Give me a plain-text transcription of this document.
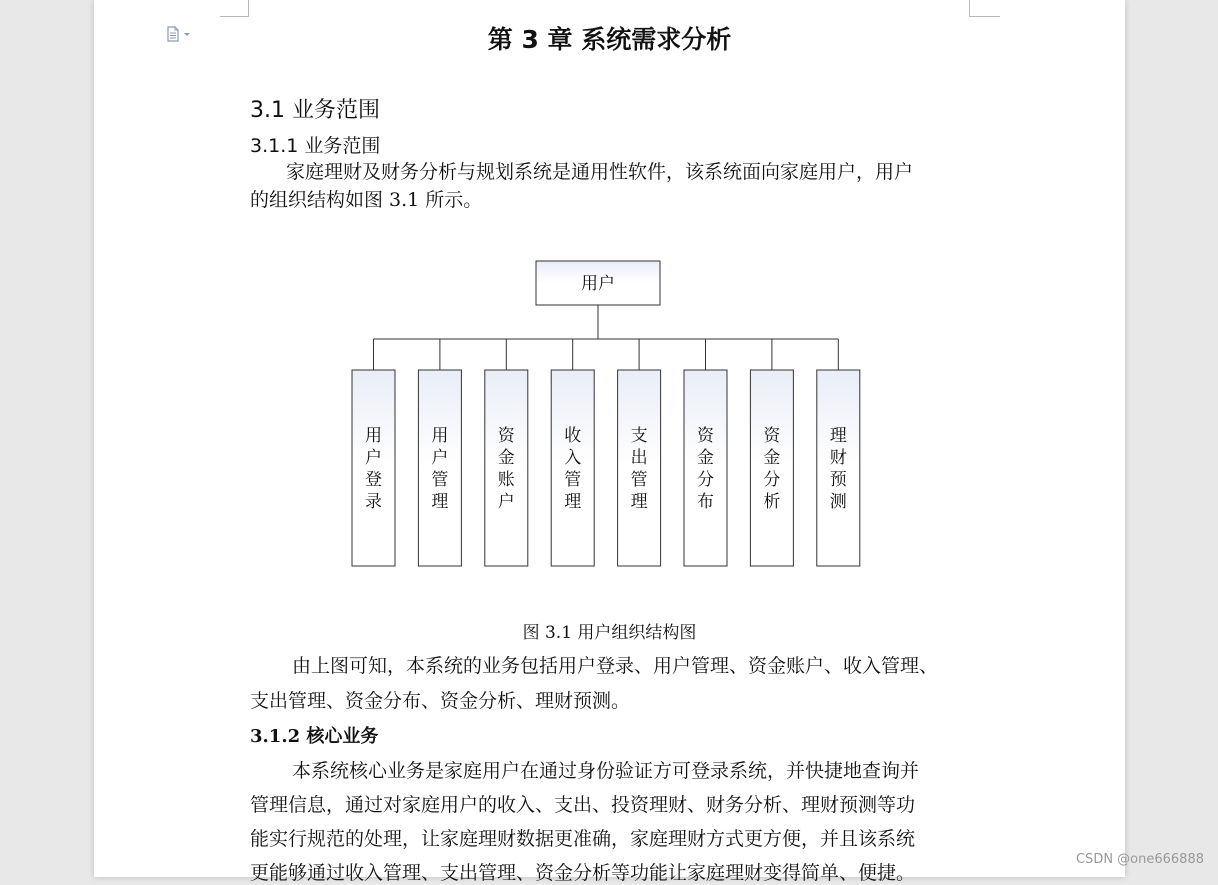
第 3 章 系统需求分析
3.1 业务范围
3.1.1 业务范围
家庭理财及财务分析与规划系统是通用性软件，该系统面向家庭用户，用户
的组织结构如图 3.1 所示。
用户
用
户
登
录
用
户
管
理
资
金
账
户
收
入
管
理
支
出
管
理
资
金
分
布
资
金
分
析
理
财
预
测
图 3.1 用户组织结构图
由上图可知，本系统的业务包括用户登录、用户管理、资金账户、收入管理、
支出管理、资金分布、资金分析、理财预测。
3.1.2 核心业务
本系统核心业务是家庭用户在通过身份验证方可登录系统，并快捷地查询并
管理信息，通过对家庭用户的收入、支出、投资理财、财务分析、理财预测等功
能实行规范的处理，让家庭理财数据更准确，家庭理财方式更方便，并且该系统
更能够通过收入管理、支出管理、资金分析等功能让家庭理财变得简单、便捷。
CSDN @one666888
